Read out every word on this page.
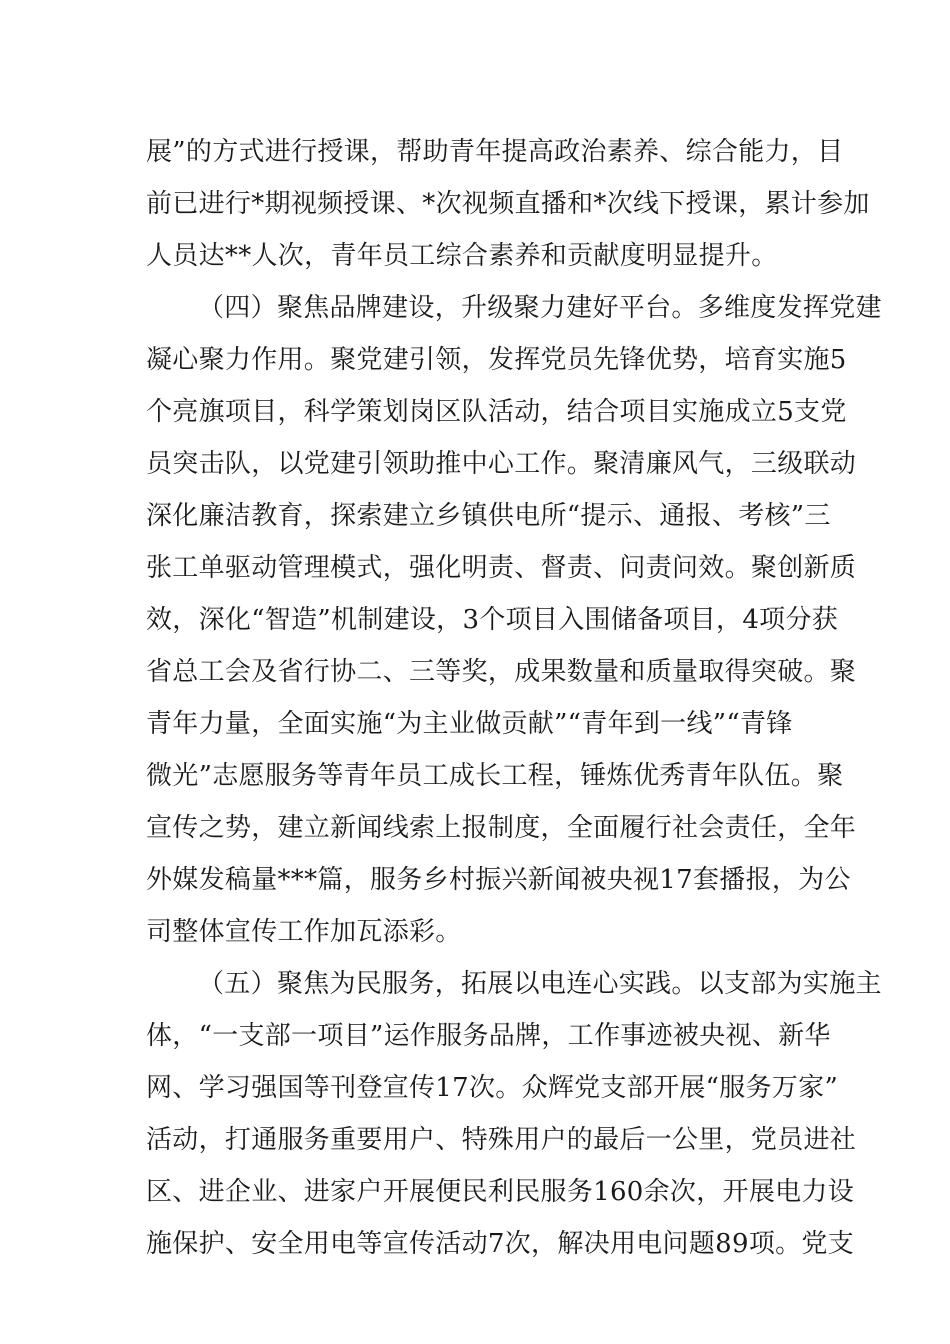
展”的方式进行授课，帮助青年提高政治素养、综合能力，目
前已进行*期视频授课、*次视频直播和*次线下授课，累计参加
人员达**人次，青年员工综合素养和贡献度明显提升。
（四）聚焦品牌建设，升级聚力建好平台。多维度发挥党建
凝心聚力作用。聚党建引领，发挥党员先锋优势，培育实施5
个亮旗项目，科学策划岗区队活动，结合项目实施成立5支党
员突击队，以党建引领助推中心工作。聚清廉风气，三级联动
深化廉洁教育，探索建立乡镇供电所“提示、通报、考核”三
张工单驱动管理模式，强化明责、督责、问责问效。聚创新质
效，深化“智造”机制建设，3个项目入围储备项目，4项分获
省总工会及省行协二、三等奖，成果数量和质量取得突破。聚
青年力量，全面实施“为主业做贡献”“青年到一线”“青锋
微光”志愿服务等青年员工成长工程，锤炼优秀青年队伍。聚
宣传之势，建立新闻线索上报制度，全面履行社会责任，全年
外媒发稿量***篇，服务乡村振兴新闻被央视17套播报，为公
司整体宣传工作加瓦添彩。
（五）聚焦为民服务，拓展以电连心实践。以支部为实施主
体，“一支部一项目”运作服务品牌，工作事迹被央视、新华
网、学习强国等刊登宣传17次。众辉党支部开展“服务万家”
活动，打通服务重要用户、特殊用户的最后一公里，党员进社
区、进企业、进家户开展便民利民服务160余次，开展电力设
施保护、安全用电等宣传活动7次，解决用电问题89项。党支
